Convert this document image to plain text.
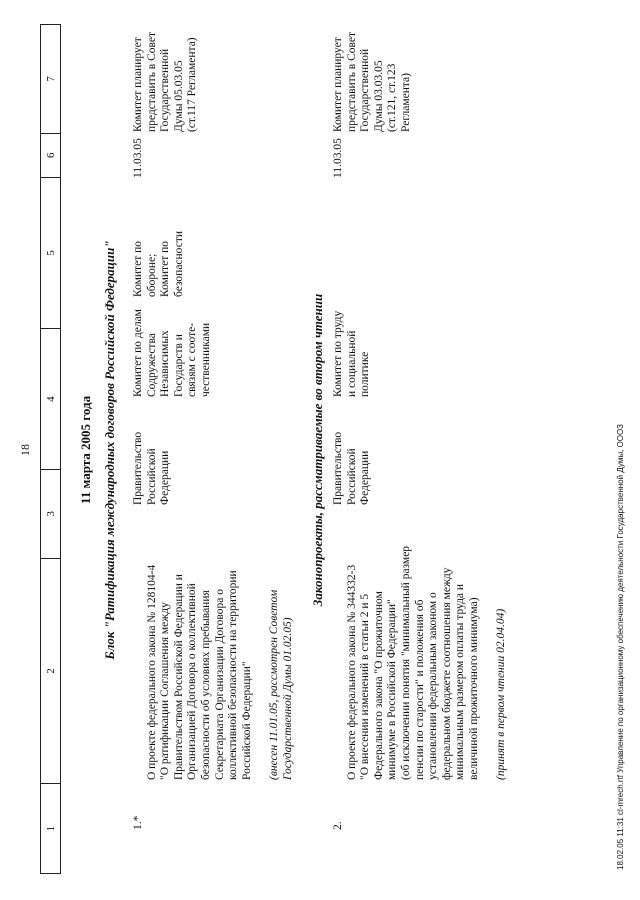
18
1
2
3
4
5
6
7
11 марта 2005 года Блок "Ратификация международных договоров Российской Федерации"
1.*

О проекте федерального закона № 128104-4
"О ратификации Соглашения между
Правительством Российской Федерации и
Организацией Договора о коллективной
безопасности об условиях пребывания
Секретариата Организации Договора о
коллективной безопасности на территории
Российской Федерации"

(внесен 11.01.05, рассмотрен Советом
Государственной Думы 01.02.05)

Правительство
Российской
Федерации
Комитет по делам
Содружества
Независимых
Государств и
связям с соотe-
чественниками
Комитет по
обороне;
Комитет по
безопасности
11.03.05
Комитет планирует
представить в Совет
Государственной
Думы 05.03.05
(ст.117 Регламента)
Законопроекты, рассматриваемые во втором чтении
2.

О проекте федерального закона № 344332-3
"О внесении изменений в статьи 2 и 5
Федерального закона "О прожиточном
минимуме в Российской Федерации"
(об исключении понятия "минимальный размер
пенсии по старости" и положения об
установлении федеральным законом о
федеральном бюджете соотношения между
минимальным размером оплаты труда и
величиной прожиточного минимума) (принят в первом чтении 02.04.04)

Правительство
Российской
Федерации
Комитет по труду
и социальной
политике
11.03.05
Комитет планирует
представить в Совет
Государственной
Думы 03.03.05
(ст.121, ст.123
Регламента)
18.02.05 11:31 cl-mrech.rtf Управление по организационному обеспечению деятельности Государственной Думы, ОООЗ
